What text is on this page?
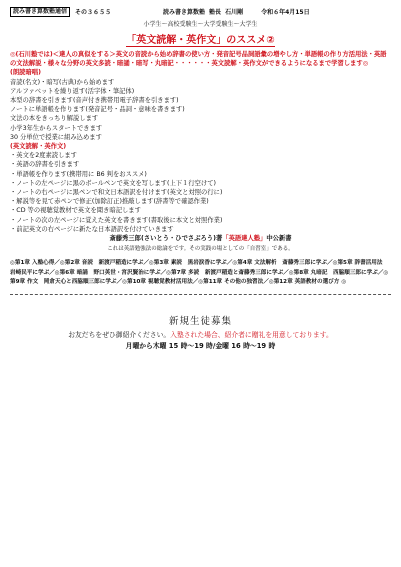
読み書き算数塾通信	その３６５５	読み書き算数塾 塾長 石川剛	令和６年4月15日
小学生～高校受験生～大学受験生～大学生
「英文読解・英作文」のススメ②
◎(石川塾では)＜達人の真似をする＞英文の音読から始め辞書の使い方・発音記号品詞語彙の増やし方・単語帳の作り方活用法・英語の文法解説・様々な分野の英文多読・暗誦・暗写・丸暗記・・・・・・英文読解・英作文ができるようになるまで学習します◎
(朗読暗唱)
音読(名文)・暗写(古典)から始めます
アルファベットを繰り返す(活字体・筆記体)
本型の辞書を引きます(音声付き携帯用電子辞書を引きます)
ノートに単語帳を作ります(発音記号・品詞・意味を書きます)
文法の本をきっちり解説します
小学3年生からスタートできます
30 分単位で授業に組み込めます
(英文読解・英作文)
・英文を2度素読します
・英語の辞書を引きます
・単語帳を作ります(携帯用に B6 判をおススメ)
・ノートの左ページに黒のボールペンで英文を写します(上下１行空けて)
・ノートの右ページに黒ペンで和文日本語訳を付けます(英文と対照の行に)
・解説等を見て赤ペンで修正(加除訂正)推敲します(辞書等で確認作業)
・CD 等の視聴覚教材で英文を聞き暗記します
・ノートの次の左ページに覚えた英文を書きます(書取後に本文と対照作業)
・前記英文の右ページに新たな日本語訳を付けていきます
斎藤秀三郎(さいとう・ひでさぶろう)著「英語達人塾」中公新書
これは英語勉強法の総論をです。その実践の場としての「自習室」である。
◎第1章 入塾心得／◎第2章 音読　新渡戸稲造に学ぶ／◎第3章 素読　黒岩涙香に学ぶ／◎第4章 文法解析　斎藤秀三郎に学ぶ／◎第5章 辞書活用法　岩崎民平に学ぶ／◎第6章 暗誦　野口英世・宮沢賢治に学ぶ／◎第7章 多読　新渡戸稲造と斎藤秀三郎に学ぶ／◎第8章 丸暗記　西脇順三郎に学ぶ／◎第9章 作文　岡倉天心と西脇順三郎に学ぶ／◎第10章 視聴覚教材活用法／◎第11章 その他の独習法／◎第12章 英語教材の選び方 ◎
新規生徒募集
お友だちをぜひ御紹介ください。入塾された場合、紹介者に贈礼を用意しております。
月曜から木曜 15 時～19 時/金曜 16 時～19 時
